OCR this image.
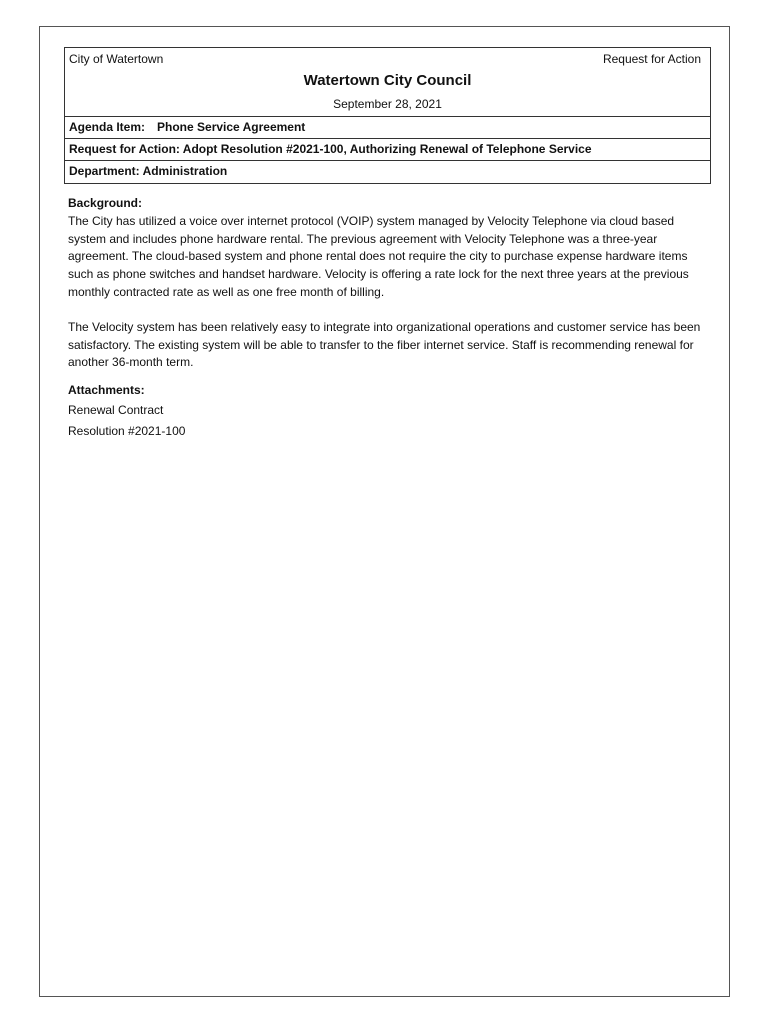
City of Watertown	Request for Action
Watertown City Council
September 28, 2021
Agenda Item: Phone Service Agreement
Request for Action: Adopt Resolution #2021-100, Authorizing Renewal of Telephone Service
Department: Administration
Background:

The City has utilized a voice over internet protocol (VOIP) system managed by Velocity Telephone via cloud based system and includes phone hardware rental. The previous agreement with Velocity Telephone was a three-year agreement. The cloud-based system and phone rental does not require the city to purchase expense hardware items such as phone switches and handset hardware. Velocity is offering a rate lock for the next three years at the previous monthly contracted rate as well as one free month of billing.

The Velocity system has been relatively easy to integrate into organizational operations and customer service has been satisfactory. The existing system will be able to transfer to the fiber internet service. Staff is recommending renewal for another 36-month term.

Attachments:
Renewal Contract
Resolution #2021-100
